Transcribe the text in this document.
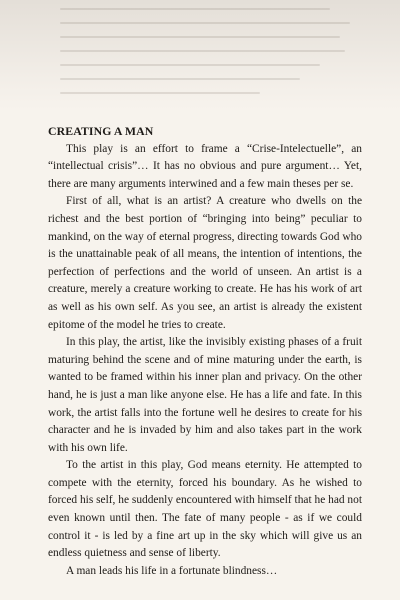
CREATING A MAN

This play is an effort to frame a “Crise-Intelectuelle”, an “intellectual crisis”… It has no obvious and pure argument… Yet, there are many arguments interwined and a few main theses per se.

First of all, what is an artist? A creature who dwells on the richest and the best portion of “bringing into being” peculiar to mankind, on the way of eternal progress, directing towards God who is the unattainable peak of all means, the intention of intentions, the perfection of perfections and the world of unseen. An artist is a creature, merely a creature working to create. He has his work of art as well as his own self. As you see, an artist is already the existent epitome of the model he tries to create.

In this play, the artist, like the invisibly existing phases of a fruit maturing behind the scene and of mine maturing under the earth, is wanted to be framed within his inner plan and privacy. On the other hand, he is just a man like anyone else. He has a life and fate. In this work, the artist falls into the fortune well he desires to create for his character and he is invaded by him and also takes part in the work with his own life.

To the artist in this play, God means eternity. He attempted to compete with the eternity, forced his boundary. As he wished to forced his self, he suddenly encountered with himself that he had not even known until then. The fate of many people - as if we could control it - is led by a fine art up in the sky which will give us an endless quietness and sense of liberty.

A man leads his life in a fortunate blindness…
